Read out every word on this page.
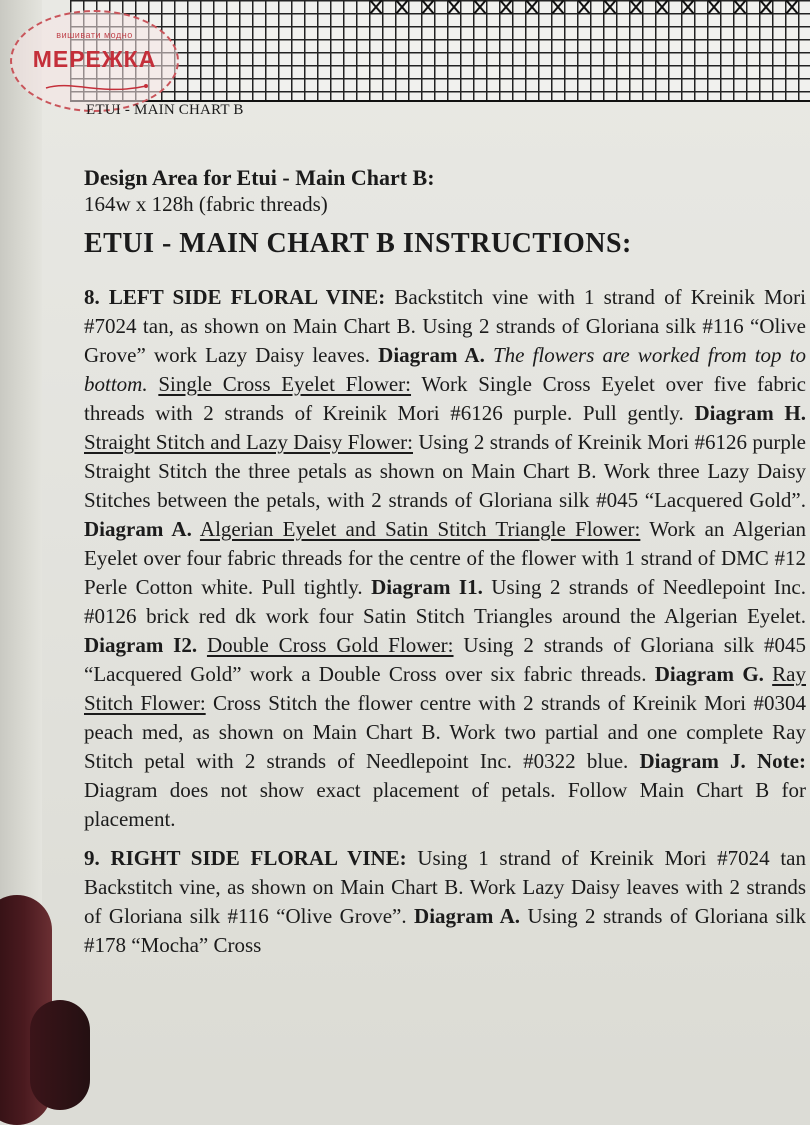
вишивати модно
МЕРЕЖКА
ETUI - MAIN CHART B

Design Area for Etui - Main Chart B:

164w x 128h (fabric threads)

ETUI - MAIN CHART B INSTRUCTIONS:

8. LEFT SIDE FLORAL VINE: Backstitch vine with 1 strand of Kreinik Mori #7024 tan, as shown on Main Chart B. Using 2 strands of Gloriana silk #116 “Olive Grove” work Lazy Daisy leaves. Diagram A. The flowers are worked from top to bottom. Single Cross Eyelet Flower: Work Single Cross Eyelet over five fabric threads with 2 strands of Kreinik Mori #6126 purple. Pull gently. Diagram H. Straight Stitch and Lazy Daisy Flower: Using 2 strands of Kreinik Mori #6126 purple Straight Stitch the three petals as shown on Main Chart B. Work three Lazy Daisy Stitches between the petals, with 2 strands of Gloriana silk #045 “Lacquered Gold”. Diagram A. Algerian Eyelet and Satin Stitch Triangle Flower: Work an Algerian Eyelet over four fabric threads for the centre of the flower with 1 strand of DMC #12 Perle Cotton white. Pull tightly. Diagram I1. Using 2 strands of Needlepoint Inc. #0126 brick red dk work four Satin Stitch Triangles around the Algerian Eyelet. Diagram I2. Double Cross Gold Flower: Using 2 strands of Gloriana silk #045 “Lacquered Gold” work a Double Cross over six fabric threads. Diagram G. Ray Stitch Flower: Cross Stitch the flower centre with 2 strands of Kreinik Mori #0304 peach med, as shown on Main Chart B. Work two partial and one complete Ray Stitch petal with 2 strands of Needlepoint Inc. #0322 blue. Diagram J. Note: Diagram does not show exact placement of petals. Follow Main Chart B for placement.

9. RIGHT SIDE FLORAL VINE: Using 1 strand of Kreinik Mori #7024 tan Backstitch vine, as shown on Main Chart B. Work Lazy Daisy leaves with 2 strands of Gloriana silk #116 “Olive Grove”. Diagram A. Using 2 strands of Gloriana silk #178 “Mocha” Cross
